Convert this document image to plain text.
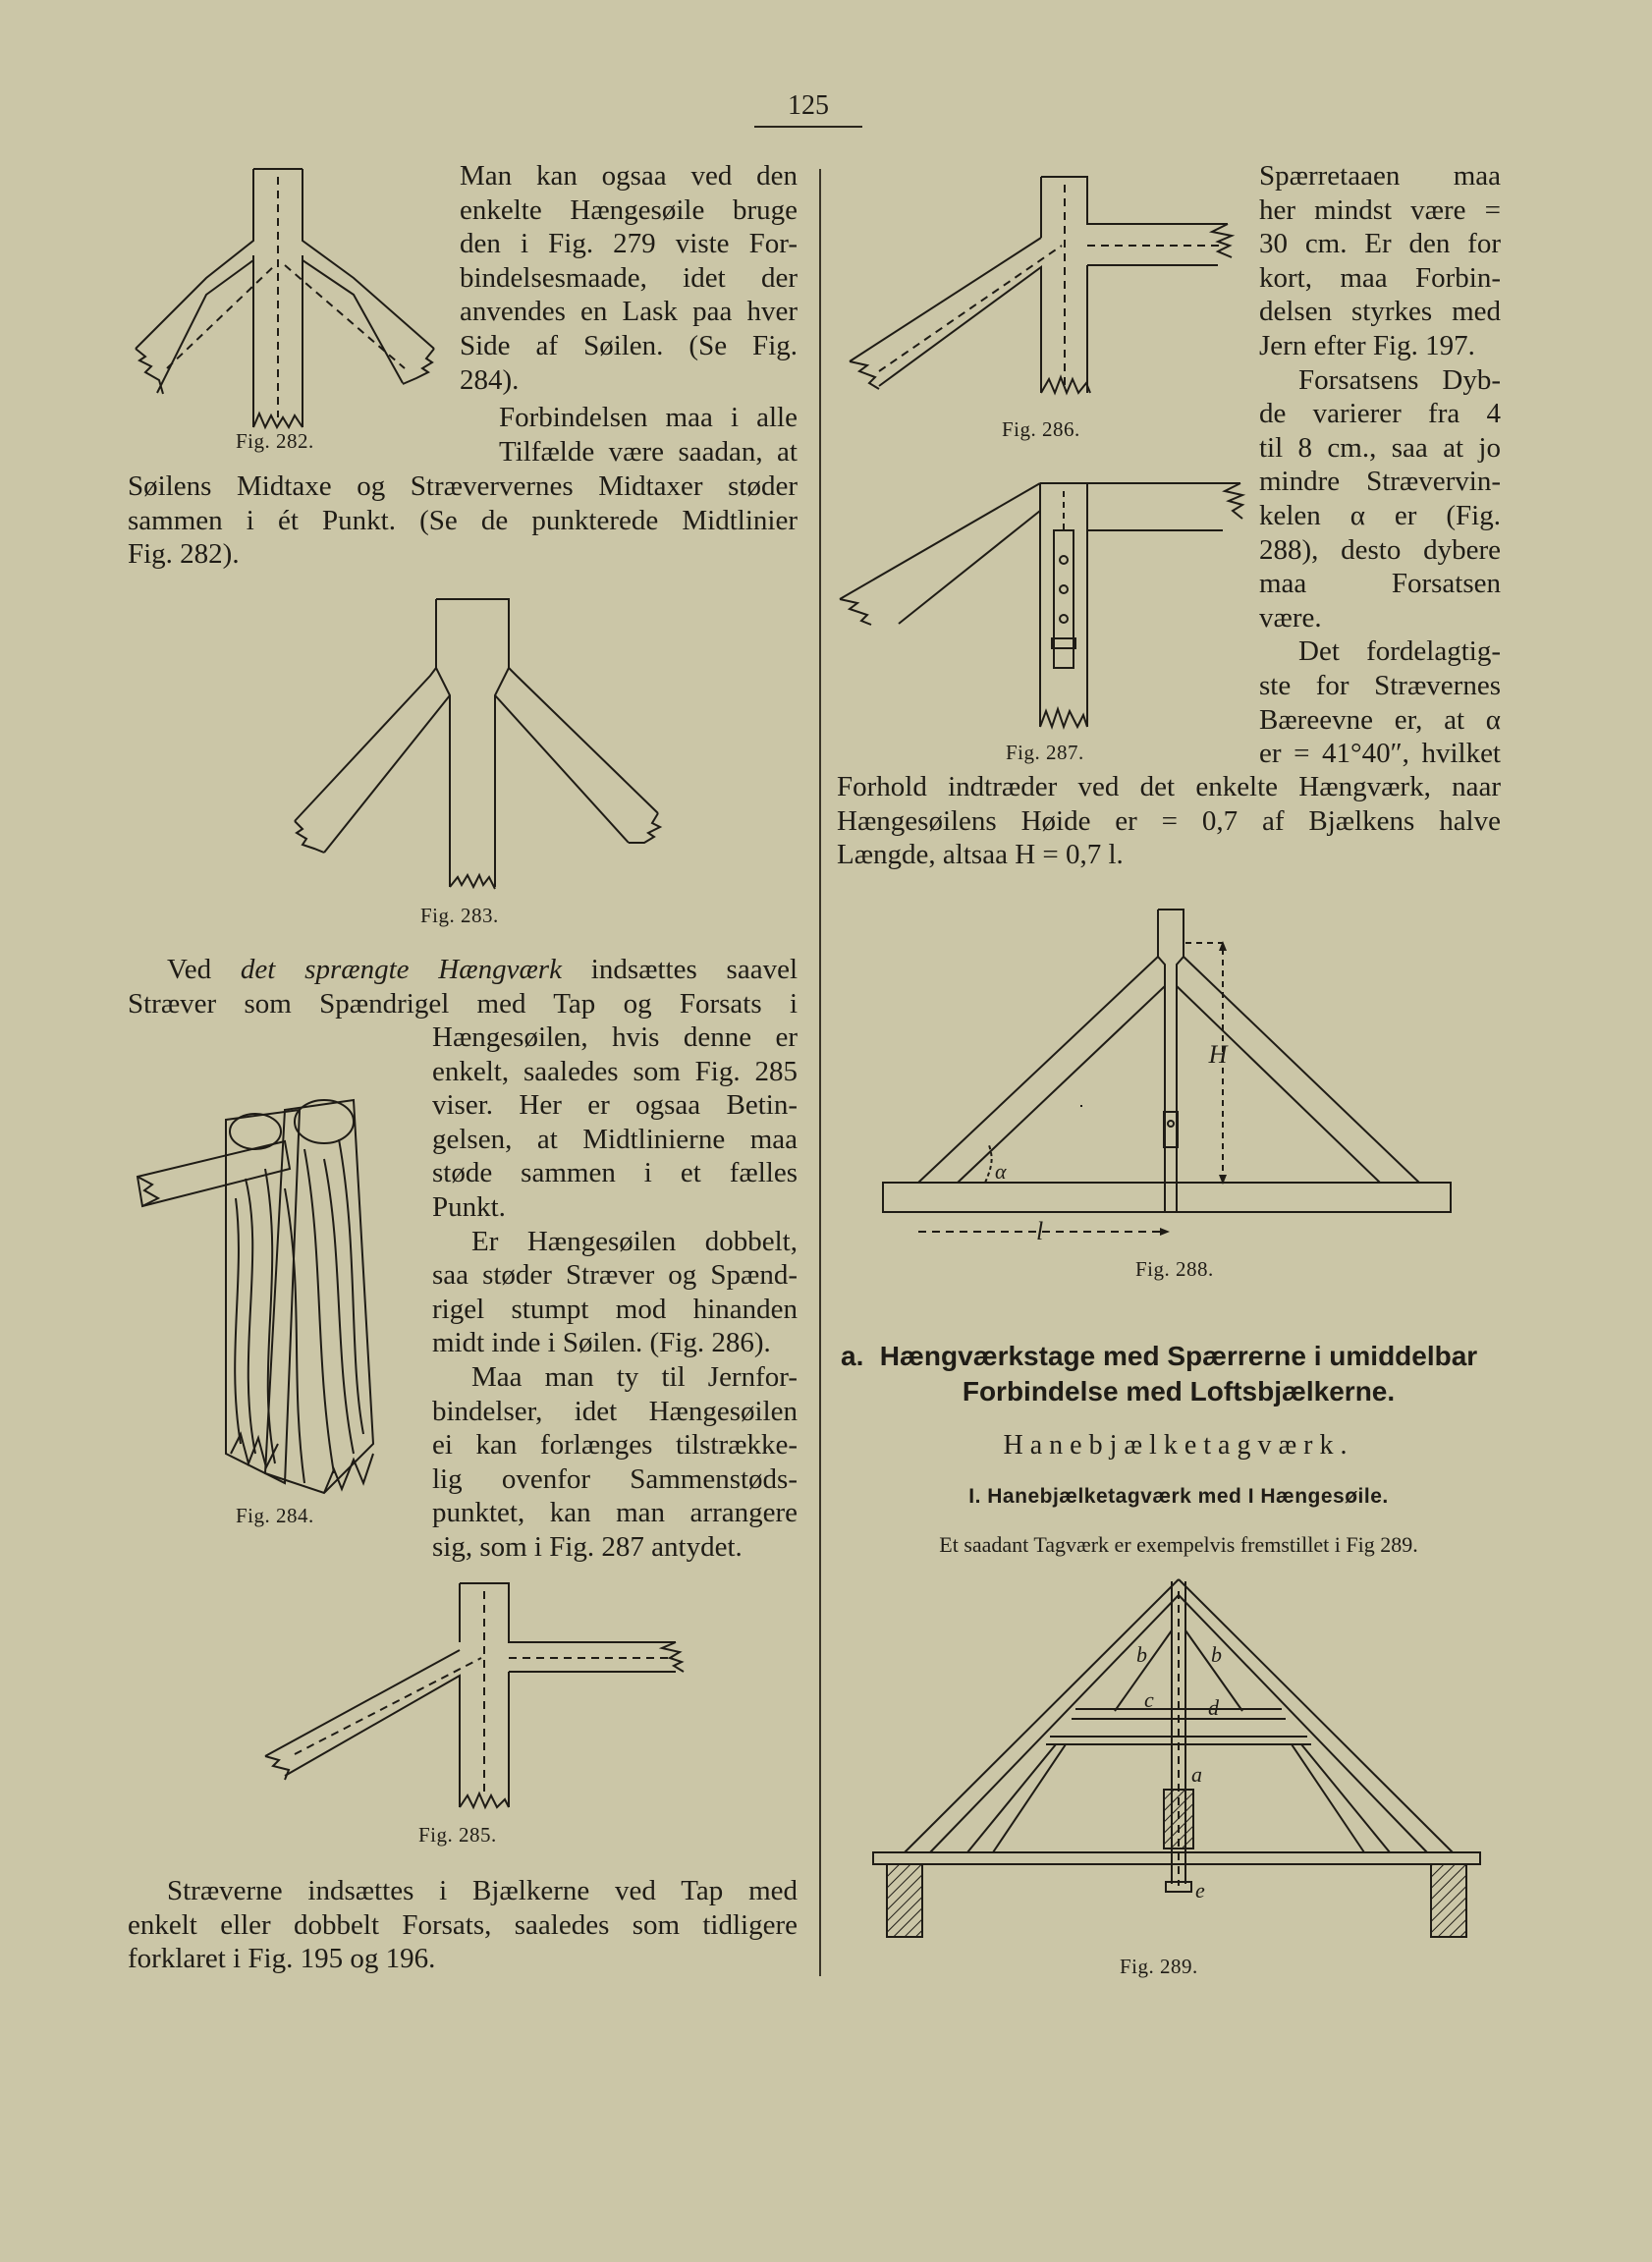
125

Man kan ogsaa ved den

enkelte Hængesøile bruge

den i Fig. 279 viste For-

bindelsesmaade, idet der

anvendes en Lask paa hver

Side af Søilen. (Se Fig.

284).

Forbindelsen maa i alle

Tilfælde være saadan, at

Søilens Midtaxe og Stræververnes Midtaxer støder

sammen i ét Punkt. (Se de punkterede Midtlinier

Fig. 282).

Ved det sprængte Hængværk indsættes saavel

Stræver som Spændrigel med Tap og Forsats i

Hængesøilen, hvis denne er

enkelt, saaledes som Fig. 285

viser. Her er ogsaa Betin-

gelsen, at Midtlinierne maa

støde sammen i et fælles

Punkt.

Er Hængesøilen dobbelt,

saa støder Stræver og Spænd-

rigel stumpt mod hinanden

midt inde i Søilen. (Fig. 286).

Maa man ty til Jernfor-

bindelser, idet Hængesøilen

ei kan forlænges tilstrække-

lig ovenfor Sammenstøds-

punktet, kan man arrangere

sig, som i Fig. 287 antydet.

Stræverne indsættes i Bjælkerne ved Tap med

enkelt eller dobbelt Forsats, saaledes som tidligere

forklaret i Fig. 195 og 196.

Spærretaaen maa

her mindst være =

30 cm. Er den for

kort, maa Forbin-

delsen styrkes med

Jern efter Fig. 197.

Forsatsens Dyb-

de varierer fra 4

til 8 cm., saa at jo

mindre Strævervin-

kelen α er (Fig.

288), desto dybere

maa Forsatsen

være.

Det fordelagtig-

ste for Strævernes

Bæreevne er, at α

er = 41°40″, hvilket

Forhold indtræder ved det enkelte Hængværk, naar

Hængesøilens Høide er = 0,7 af Bjælkens halve

Længde, altsaa H = 0,7 l.

a. Hængværkstage med Spærrerne i umiddelbar
Forbindelse med Loftsbjælkerne.
Hanebjælketagværk.
I. Hanebjælketagværk med I Hængesøile.
Et saadant Tagværk er exempelvis fremstillet i Fig 289.
Fig. 282.
Fig. 283.
Fig. 284.
Fig. 285.
Fig. 286.
Fig. 287.
Fig. 288.
Fig. 289.
H
α
l
a
b	b
c	d
e
